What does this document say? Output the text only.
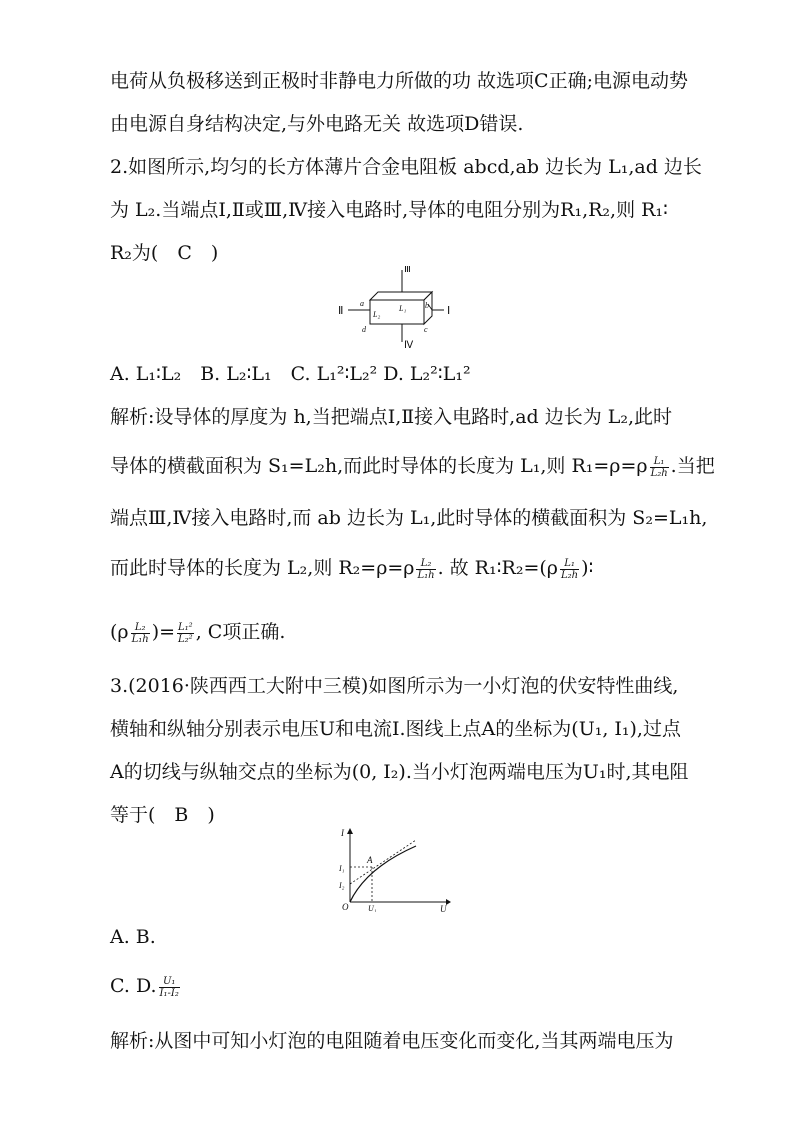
电荷从负极移送到正极时非静电力所做的功 故选项C正确;电源电动势
由电源自身结构决定,与外电路无关 故选项D错误.
2.如图所示,均匀的长方体薄片合金电阻板 abcd,ab 边长为 L₁,ad 边长
为 L₂.当端点Ⅰ,Ⅱ或Ⅲ,Ⅳ接入电路时,导体的电阻分别为R₁,R₂,则 R₁∶
R₂为(　C　)
Ⅲ
Ⅳ
Ⅰ
Ⅱ
a	b
c
d
L₁
L₂
A. L₁∶L₂　B. L₂∶L₁　C. L₁²∶L₂² D. L₂²∶L₁²
解析:设导体的厚度为 h,当把端点Ⅰ,Ⅱ接入电路时,ad 边长为 L₂,此时
导体的横截面积为 S₁=L₂h,而此时导体的长度为 L₁,则 $R_1=\rho=\rho \frac{\text{L₁}}{\text{L₂h}}$ .当把
端点Ⅲ,Ⅳ接入电路时,而 ab 边长为 L₁,此时导体的横截面积为 S₂=L₁h,
而此时导体的长度为 L₂,则 $R_2=\rho=\rho \frac{\text{L₂}}{\text{L₁h}}$ . 故 R₁∶R₂=(ρ $\frac{\text{L₁}}{\text{L₂h}}$ )∶
($\rho \frac{\text{L₂}}{\text{L₁h}}$ )= $\frac{\text{L₁²}}{\text{L₂²}}$ , C项正确.
3.(2016·陕西西工大附中三模)如图所示为一小灯泡的伏安特性曲线,
横轴和纵轴分别表示电压U和电流I.图线上点A的坐标为(U₁, I₁),过点
A的切线与纵轴交点的坐标为(0, I₂).当小灯泡两端电压为U₁时,其电阻
等于(　B　)
I
U
O
A
I₁
I₂
U₁
A. B.
C. D. $\frac{\text{U₁}}{\text{I₁-I₂}}$
解析:从图中可知小灯泡的电阻随着电压变化而变化,当其两端电压为
